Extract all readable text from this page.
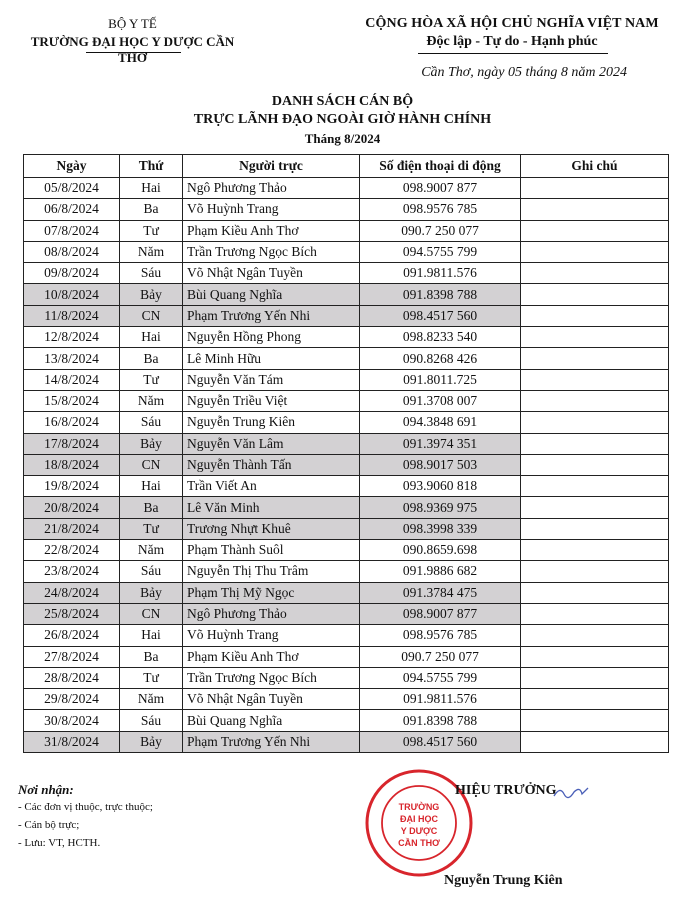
BỘ Y TẾ
TRƯỜNG ĐẠI HỌC Y DƯỢC CẦN THƠ
CỘNG HÒA XÃ HỘI CHỦ NGHĨA VIỆT NAM
Độc lập - Tự do - Hạnh phúc
Cần Thơ, ngày 05 tháng 8 năm 2024
DANH SÁCH CÁN BỘ
TRỰC LÃNH ĐẠO NGOÀI GIỜ HÀNH CHÍNH
Tháng 8/2024
Ngày	Thứ	Người trực	Số điện thoại di động	Ghi chú
05/8/2024	Hai	Ngô Phương Thảo	098.9007 877	
06/8/2024	Ba	Võ Huỳnh Trang	098.9576 785	
07/8/2024	Tư	Phạm Kiều Anh Thơ	090.7 250 077	
08/8/2024	Năm	Trần Trương Ngọc Bích	094.5755 799	
09/8/2024	Sáu	Võ Nhật Ngân Tuyền	091.9811.576	
10/8/2024	Bảy	Bùi Quang Nghĩa	091.8398 788	
11/8/2024	CN	Phạm Trương Yến Nhi	098.4517 560	
12/8/2024	Hai	Nguyễn Hồng Phong	098.8233 540	
13/8/2024	Ba	Lê Minh Hữu	090.8268 426	
14/8/2024	Tư	Nguyễn Văn Tám	091.8011.725	
15/8/2024	Năm	Nguyễn Triều Việt	091.3708 007	
16/8/2024	Sáu	Nguyễn Trung Kiên	094.3848 691	
17/8/2024	Bảy	Nguyễn Văn Lâm	091.3974 351	
18/8/2024	CN	Nguyễn Thành Tấn	098.9017 503	
19/8/2024	Hai	Trần Viết An	093.9060 818	
20/8/2024	Ba	Lê Văn Minh	098.9369 975	
21/8/2024	Tư	Trương Nhựt Khuê	098.3998 339	
22/8/2024	Năm	Phạm Thành Suôl	090.8659.698	
23/8/2024	Sáu	Nguyễn Thị Thu Trâm	091.9886 682	
24/8/2024	Bảy	Phạm Thị Mỹ Ngọc	091.3784 475	
25/8/2024	CN	Ngô Phương Thảo	098.9007 877	
26/8/2024	Hai	Võ Huỳnh Trang	098.9576 785	
27/8/2024	Ba	Phạm Kiều Anh Thơ	090.7 250 077	
28/8/2024	Tư	Trần Trương Ngọc Bích	094.5755 799	
29/8/2024	Năm	Võ Nhật Ngân Tuyền	091.9811.576	
30/8/2024	Sáu	Bùi Quang Nghĩa	091.8398 788	
31/8/2024	Bảy	Phạm Trương Yến Nhi	098.4517 560	
Nơi nhận:
- Các đơn vị thuộc, trực thuộc;
- Cán bộ trực;
- Lưu: VT, HCTH.
TRƯỜNG
ĐẠI HỌC
Y DƯỢC
CẦN THƠ
HIỆU TRƯỞNG
Nguyễn Trung Kiên
